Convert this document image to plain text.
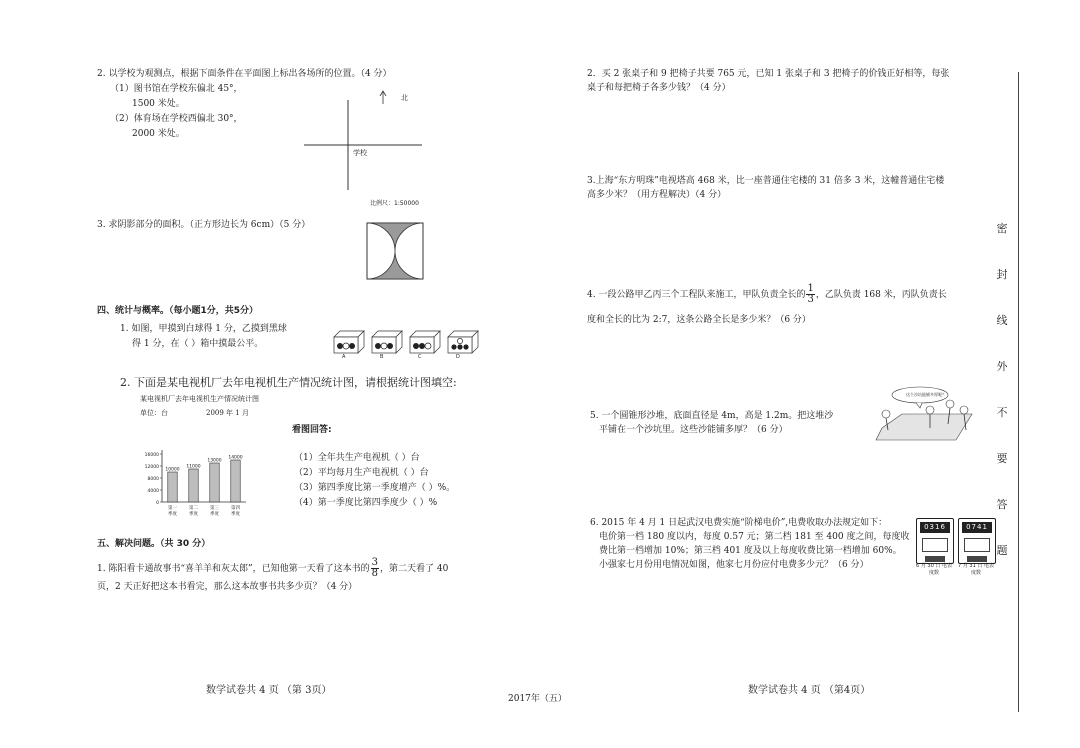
2. 以学校为观测点，根据下面条件在平面图上标出各场所的位置。（4 分）
（1）图书馆在学校东偏北 45°，
1500 米处。
（2）体育场在学校西偏北 30°，
2000 米处。
北
学校
比例尺：1:50000
3. 求阴影部分的面积。（正方形边长为 6cm）（5 分）
四、统计与概率。（每小题1分，共5分）
1. 如图，甲摸到白球得 1 分，乙摸到黑球
得 1 分，在（ ）箱中摸最公平。
A	B	C	D
2. 下面是某电视机厂去年电视机生产情况统计图，请根据统计图填空:
某电视机厂去年电视机生产情况统计图
单位：台	2009 年 1 月
0
4000
8000
12000
16000
10000
第一
季度
11000
第二
季度
13000
第三
季度
14000
第四
季度
看图回答:
（1）全年共生产电视机（ ）台
（2）平均每月生产电视机（ ）台
（3）第四季度比第一季度增产（ ）%。
（4）第一季度比第四季度少（ ）%
五、解决问题。（共 30 分）
1. 陈阳看卡通故事书“喜羊羊和灰太郎”，已知他第一天看了这本书的 $\frac{3}{8}$ ，第二天看了 40
页，2 天正好把这本书看完，那么这本故事书共多少页？（4 分）
数学试卷共 4 页 （第 3页）
2017年（五）
2．买 2 张桌子和 9 把椅子共要 765 元，已知 1 张桌子和 3 把椅子的价钱正好相等，每张
桌子和每把椅子各多少钱？（4 分）
3.上海“东方明珠”电视塔高 468 米，比一座普通住宅楼的 31 倍多 3 米，这幢普通住宅楼
高多少米？（用方程解决）（4 分）
4. 一段公路甲乙丙三个工程队来施工，甲队负责全长的 $\frac{1}{3}$ ，乙队负责 168 米，丙队负责长
度和全长的比为 2:7，这条公路全长是多少米？（6 分）
5. 一个圆锥形沙堆，底面直径是 4m，高是 1.2m。把这堆沙
平铺在一个沙坑里。这些沙能铺多厚？（6 分）
这个沙坑能铺多厚呢？
6. 2015 年 4 月 1 日起武汉电费实施“阶梯电价”,电费收取办法规定如下：
电价第一档 180 度以内，每度 0.57 元；第二档 181 至 400 度之间，每度收
费比第一档增加 10%；第三档 401 度及以上每度收费比第一档增加 60%。
小强家七月份用电情况如图，他家七月份应付电费多少元？（6 分）
0316	0741
6 月 30 日 电表度数
7 月 31 日 电表度数
数学试卷共 4 页 （第4页）
密
封
线
外
不
要
答
题
